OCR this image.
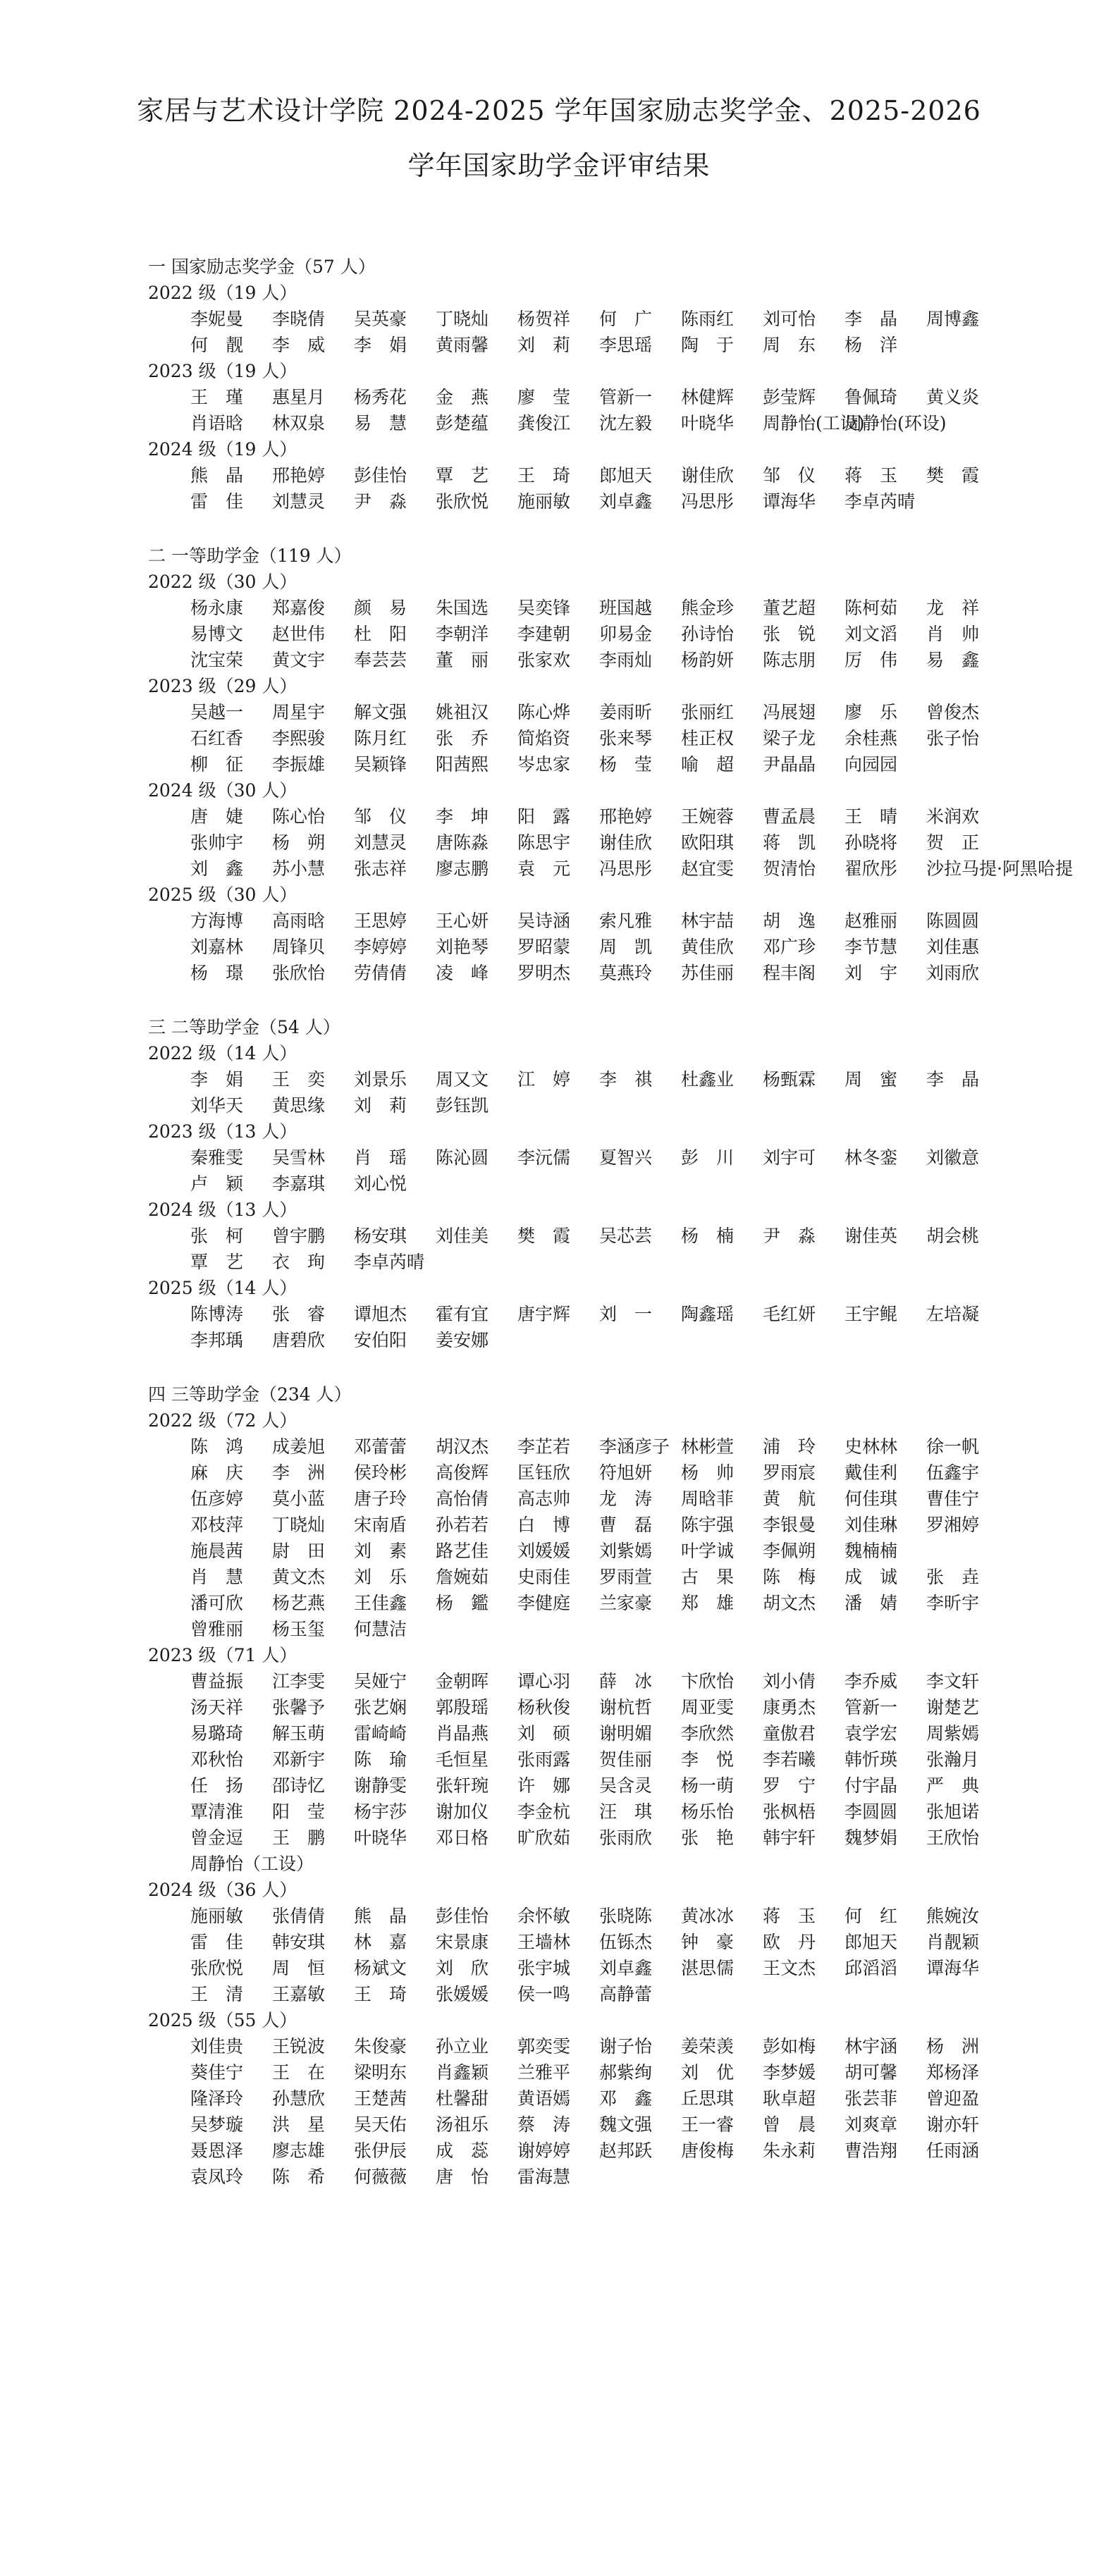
家居与艺术设计学院 2024-2025 学年国家励志奖学金、2025-2026
学年国家助学金评审结果
一 国家励志奖学金（57 人）
2022 级（19 人）
李妮曼 李晓倩 吴英豪 丁晓灿 杨贺祥 何　广 陈雨红 刘可怡 李　晶 周博鑫何　靓 李　威 李　娟 黄雨馨 刘　莉 李思瑶 陶　于 周　东 杨　洋
2023 级（19 人）
王　瑾 惠星月 杨秀花 金　燕 廖　莹 管新一 林健辉 彭莹辉 鲁佩琦 黄义炎肖语晗 林双泉 易　慧 彭楚蕴 龚俊江 沈左毅 叶晓华 周静怡(工设)周静怡(环设)
2024 级（19 人）
熊　晶 邢艳婷 彭佳怡 覃　艺 王　琦 郎旭天 谢佳欣 邹　仪 蒋　玉 樊　霞雷　佳 刘慧灵 尹　淼 张欣悦 施丽敏 刘卓鑫 冯思彤 谭海华 李卓芮晴
二 一等助学金（119 人）
2022 级（30 人）
杨永康 郑嘉俊 颜　易 朱国选 吴奕锋 班国越 熊金珍 董艺超 陈柯茹 龙　祥易博文 赵世伟 杜　阳 李朝洋 李建朝 卯易金 孙诗怡 张　锐 刘文滔 肖　帅沈宝荣 黄文宇 奉芸芸 董　丽 张家欢 李雨灿 杨韵妍 陈志朋 厉　伟 易　鑫
2023 级（29 人）
吴越一 周星宇 解文强 姚祖汉 陈心烨 姜雨昕 张丽红 冯展翅 廖　乐 曾俊杰石红香 李熙骏 陈月红 张　乔 简焰资 张来琴 桂正权 梁子龙 余桂燕 张子怡柳　征 李振雄 吴颖锋 阳茜熙 岑忠家 杨　莹 喻　超 尹晶晶 向园园
2024 级（30 人）
唐　婕 陈心怡 邹　仪 李　坤 阳　露 邢艳婷 王婉蓉 曹孟晨 王　晴 米润欢张帅宇 杨　朔 刘慧灵 唐陈淼 陈思宇 谢佳欣 欧阳琪 蒋　凯 孙晓将 贺　正刘　鑫 苏小慧 张志祥 廖志鹏 袁　元 冯思彤 赵宜雯 贺清怡 翟欣彤 沙拉马提·阿黑哈提
2025 级（30 人）
方海博 高雨晗 王思婷 王心妍 吴诗涵 索凡雅 林宇喆 胡　逸 赵雅丽 陈圆圆刘嘉林 周锋贝 李婷婷 刘艳琴 罗昭蒙 周　凯 黄佳欣 邓广珍 李节慧 刘佳惠杨　璟 张欣怡 劳倩倩 凌　峰 罗明杰 莫燕玲 苏佳丽 程丰阁 刘　宇 刘雨欣
三 二等助学金（54 人）
2022 级（14 人）
李　娟 王　奕 刘景乐 周又文 江　婷 李　祺 杜鑫业 杨甄霖 周　蜜 李　晶刘华天 黄思缘 刘　莉 彭钰凯
2023 级（13 人）
秦雅雯 吴雪林 肖　瑶 陈沁圆 李沅儒 夏智兴 彭　川 刘宇可 林冬銮 刘徽意卢　颖 李嘉琪 刘心悦
2024 级（13 人）
张　柯 曾宇鹏 杨安琪 刘佳美 樊　霞 吴芯芸 杨　楠 尹　淼 谢佳英 胡会桃覃　艺 衣　珣 李卓芮晴
2025 级（14 人）
陈博涛 张　睿 谭旭杰 霍有宜 唐宇辉 刘　一 陶鑫瑶 毛红妍 王宇鲲 左培凝李邦瑀 唐碧欣 安伯阳 姜安娜
四 三等助学金（234 人）
2022 级（72 人）
陈　鸿 成姜旭 邓蕾蕾 胡汉杰 李芷若 李涵彦子 林彬萱 浦　玲 史林林 徐一帆麻　庆 李　洲 侯玲彬 高俊辉 匡钰欣 符旭妍 杨　帅 罗雨宸 戴佳利 伍鑫宇伍彦婷 莫小蓝 唐子玲 高怡倩 高志帅 龙　涛 周晗菲 黄　航 何佳琪 曹佳宁邓枝萍 丁晓灿 宋南盾 孙若若 白　博 曹　磊 陈宇强 李银曼 刘佳琳 罗湘婷施晨茜 尉　田 刘　素 路艺佳 刘媛媛 刘紫嫣 叶学诚 李佩朔 魏楠楠肖　慧 黄文杰 刘　乐 詹婉茹 史雨佳 罗雨萱 古　果 陈　梅 成　诚 张　垚潘可欣 杨艺燕 王佳鑫 杨　鑑 李健庭 兰家豪 郑　雄 胡文杰 潘　婧 李昕宇曾雅丽 杨玉玺 何慧洁
2023 级（71 人）
曹益振 江李雯 吴娅宁 金朝晖 谭心羽 薛　冰 卞欣怡 刘小倩 李乔威 李文轩汤天祥 张馨予 张艺娴 郭殷瑶 杨秋俊 谢杭哲 周亚雯 康勇杰 管新一 谢楚艺易璐琦 解玉萌 雷崎崎 肖晶燕 刘　硕 谢明媚 李欣然 童傲君 袁学宏 周紫嫣邓秋怡 邓新宇 陈　瑜 毛恒星 张雨露 贺佳丽 李　悦 李若曦 韩忻瑛 张瀚月任　扬 邵诗忆 谢静雯 张轩琬 许　娜 吴含灵 杨一萌 罗　宁 付宇晶 严　典覃清淮 阳　莹 杨宇莎 谢加仪 李金杭 汪　琪 杨乐怡 张枫梧 李圆圆 张旭诺曾金逗 王　鹏 叶晓华 邓日格 旷欣茹 张雨欣 张　艳 韩宇轩 魏梦娟 王欣怡周静怡（工设）
2024 级（36 人）
施丽敏 张倩倩 熊　晶 彭佳怡 余怀敏 张晓陈 黄冰冰 蒋　玉 何　红 熊婉汝雷　佳 韩安琪 林　嘉 宋景康 王墙林 伍铄杰 钟　豪 欧　丹 郎旭天 肖靓颖张欣悦 周　恒 杨斌文 刘　欣 张宇城 刘卓鑫 湛思儒 王文杰 邱滔滔 谭海华王　清 王嘉敏 王　琦 张媛媛 侯一鸣 高静蕾
2025 级（55 人）
刘佳贵 王锐波 朱俊豪 孙立业 郭奕雯 谢子怡 姜荣羡 彭如梅 林宇涵 杨　洲葵佳宁 王　在 梁明东 肖鑫颖 兰雅平 郝紫绚 刘　优 李梦媛 胡可馨 郑杨泽隆泽玲 孙慧欣 王楚茜 杜馨甜 黄语嫣 邓　鑫 丘思琪 耿卓超 张芸菲 曾迎盈吴梦璇 洪　星 吴天佑 汤祖乐 蔡　涛 魏文强 王一睿 曾　晨 刘爽章 谢亦轩聂恩泽 廖志雄 张伊辰 成　蕊 谢婷婷 赵邦跃 唐俊梅 朱永莉 曹浩翔 任雨涵袁凤玲 陈　希 何薇薇 唐　怡 雷海慧
